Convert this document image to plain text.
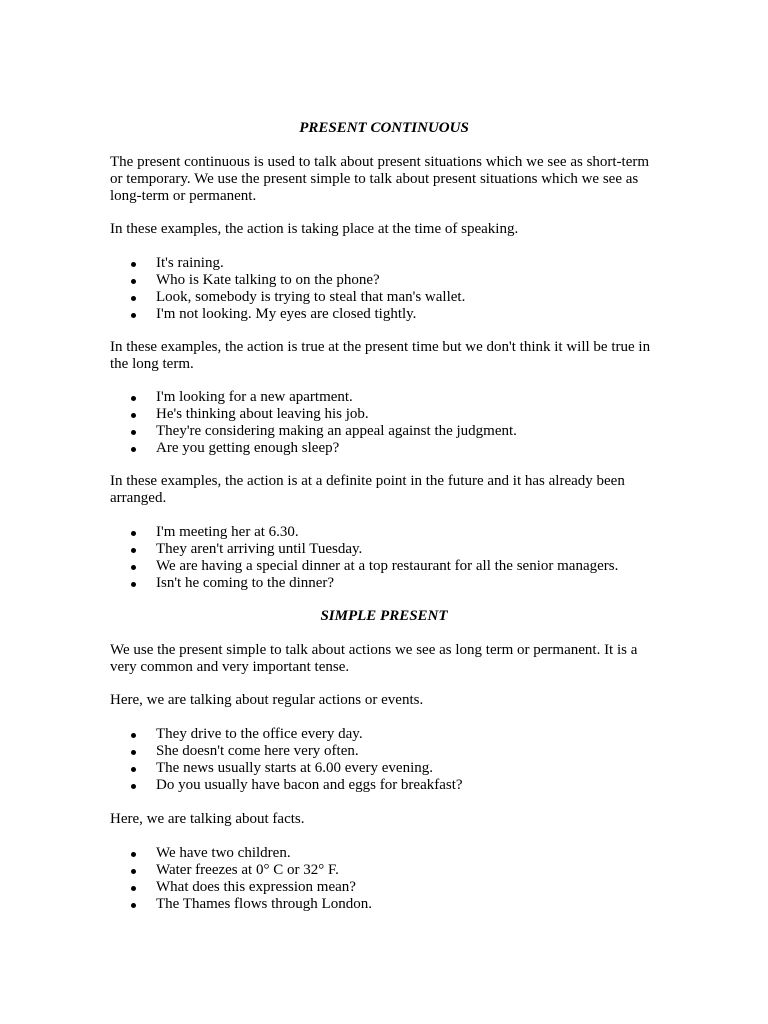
PRESENT CONTINUOUS

The present continuous is used to talk about present situations which we see as short-term or temporary. We use the present simple to talk about present situations which we see as long-term or permanent.

In these examples, the action is taking place at the time of speaking.

It's raining.
Who is Kate talking to on the phone?
Look, somebody is trying to steal that man's wallet.
I'm not looking. My eyes are closed tightly.

In these examples, the action is true at the present time but we don't think it will be true in the long term.

I'm looking for a new apartment.
He's thinking about leaving his job.
They're considering making an appeal against the judgment.
Are you getting enough sleep?

In these examples, the action is at a definite point in the future and it has already been arranged.

I'm meeting her at 6.30.
They aren't arriving until Tuesday.
We are having a special dinner at a top restaurant for all the senior managers.
Isn't he coming to the dinner?
SIMPLE PRESENT

We use the present simple to talk about actions we see as long term or permanent. It is a very common and very important tense.

Here, we are talking about regular actions or events.

They drive to the office every day.
She doesn't come here very often.
The news usually starts at 6.00 every evening.
Do you usually have bacon and eggs for breakfast?

Here, we are talking about facts.

We have two children.
Water freezes at 0° C or 32° F.
What does this expression mean?
The Thames flows through London.
